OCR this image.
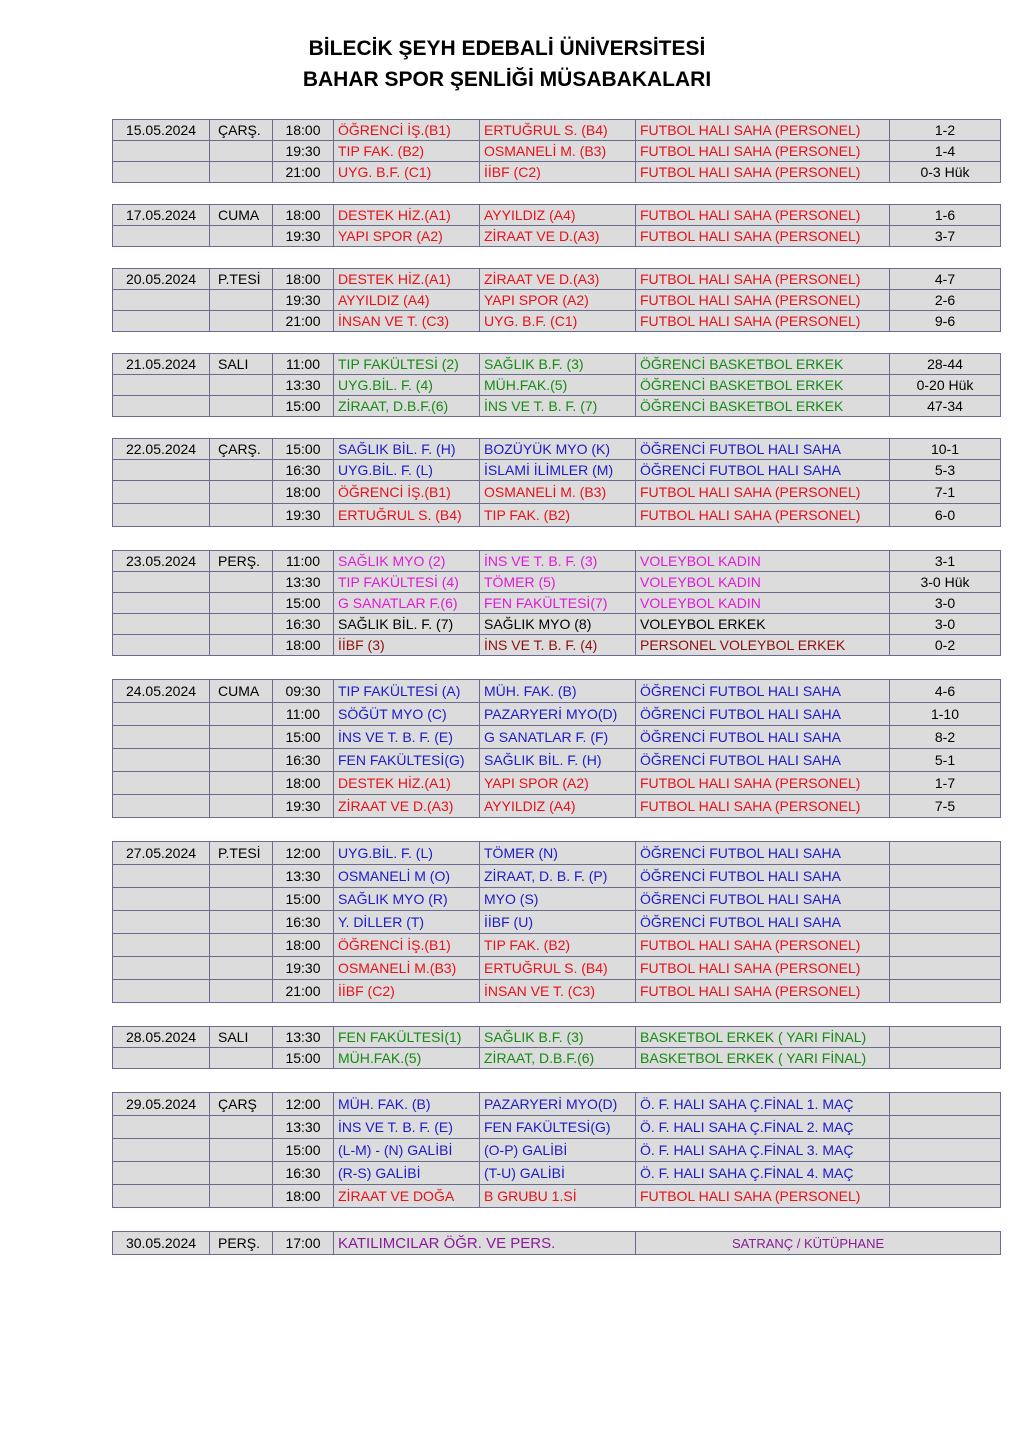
BİLECİK ŞEYH EDEBALİ ÜNİVERSİTESİ
BAHAR SPOR ŞENLİĞİ MÜSABAKALARI
15.05.2024	ÇARŞ.	18:00	ÖĞRENCİ İŞ.(B1)	ERTUĞRUL S. (B4)	FUTBOL HALI SAHA (PERSONEL)	1-2
		19:30	TIP FAK. (B2)	OSMANELİ M. (B3)	FUTBOL HALI SAHA (PERSONEL)	1-4
		21:00	UYG. B.F. (C1)	İİBF (C2)	FUTBOL HALI SAHA (PERSONEL)	0-3 Hük
17.05.2024	CUMA	18:00	DESTEK HİZ.(A1)	AYYILDIZ (A4)	FUTBOL HALI SAHA (PERSONEL)	1-6
		19:30	YAPI SPOR (A2)	ZİRAAT VE D.(A3)	FUTBOL HALI SAHA (PERSONEL)	3-7
20.05.2024	P.TESİ	18:00	DESTEK HİZ.(A1)	ZİRAAT VE D.(A3)	FUTBOL HALI SAHA (PERSONEL)	4-7
		19:30	AYYILDIZ (A4)	YAPI SPOR (A2)	FUTBOL HALI SAHA (PERSONEL)	2-6
		21:00	İNSAN VE T. (C3)	UYG. B.F. (C1)	FUTBOL HALI SAHA (PERSONEL)	9-6
21.05.2024	SALI	11:00	TIP FAKÜLTESİ (2)	SAĞLIK B.F. (3)	ÖĞRENCİ BASKETBOL ERKEK	28-44
		13:30	UYG.BİL. F. (4)	MÜH.FAK.(5)	ÖĞRENCİ BASKETBOL ERKEK	0-20 Hük
		15:00	ZİRAAT, D.B.F.(6)	İNS VE T. B. F. (7)	ÖĞRENCİ BASKETBOL ERKEK	47-34
22.05.2024	ÇARŞ.	15:00	SAĞLIK BİL. F. (H)	BOZÜYÜK MYO (K)	ÖĞRENCİ FUTBOL HALI SAHA	10-1
		16:30	UYG.BİL. F. (L)	İSLAMİ İLİMLER (M)	ÖĞRENCİ FUTBOL HALI SAHA	5-3
		18:00	ÖĞRENCİ İŞ.(B1)	OSMANELİ M. (B3)	FUTBOL HALI SAHA (PERSONEL)	7-1
		19:30	ERTUĞRUL S. (B4)	TIP FAK. (B2)	FUTBOL HALI SAHA (PERSONEL)	6-0
23.05.2024	PERŞ.	11:00	SAĞLIK MYO (2)	İNS VE T. B. F. (3)	VOLEYBOL KADIN	3-1
		13:30	TIP FAKÜLTESİ (4)	TÖMER (5)	VOLEYBOL KADIN	3-0 Hük
		15:00	G SANATLAR F.(6)	FEN FAKÜLTESİ(7)	VOLEYBOL KADIN	3-0
		16:30	SAĞLIK BİL. F. (7)	SAĞLIK MYO (8)	VOLEYBOL ERKEK	3-0
		18:00	İİBF (3)	İNS VE T. B. F. (4)	PERSONEL VOLEYBOL ERKEK	0-2
24.05.2024	CUMA	09:30	TIP FAKÜLTESİ (A)	MÜH. FAK. (B)	ÖĞRENCİ FUTBOL HALI SAHA	4-6
		11:00	SÖĞÜT MYO (C)	PAZARYERİ MYO(D)	ÖĞRENCİ FUTBOL HALI SAHA	1-10
		15:00	İNS VE T. B. F. (E)	G SANATLAR F. (F)	ÖĞRENCİ FUTBOL HALI SAHA	8-2
		16:30	FEN FAKÜLTESİ(G)	SAĞLIK BİL. F. (H)	ÖĞRENCİ FUTBOL HALI SAHA	5-1
		18:00	DESTEK HİZ.(A1)	YAPI SPOR (A2)	FUTBOL HALI SAHA (PERSONEL)	1-7
		19:30	ZİRAAT VE D.(A3)	AYYILDIZ (A4)	FUTBOL HALI SAHA (PERSONEL)	7-5
27.05.2024	P.TESİ	12:00	UYG.BİL. F. (L)	TÖMER (N)	ÖĞRENCİ FUTBOL HALI SAHA	
		13:30	OSMANELİ M (O)	ZİRAAT, D. B. F. (P)	ÖĞRENCİ FUTBOL HALI SAHA	
		15:00	SAĞLIK MYO (R)	MYO (S)	ÖĞRENCİ FUTBOL HALI SAHA	
		16:30	Y. DİLLER (T)	İİBF (U)	ÖĞRENCİ FUTBOL HALI SAHA	
		18:00	ÖĞRENCİ İŞ.(B1)	TIP FAK. (B2)	FUTBOL HALI SAHA (PERSONEL)	
		19:30	OSMANELİ M.(B3)	ERTUĞRUL S. (B4)	FUTBOL HALI SAHA (PERSONEL)	
		21:00	İİBF (C2)	İNSAN VE T. (C3)	FUTBOL HALI SAHA (PERSONEL)	
28.05.2024	SALI	13:30	FEN FAKÜLTESİ(1)	SAĞLIK B.F. (3)	BASKETBOL ERKEK ( YARI FİNAL)	
		15:00	MÜH.FAK.(5)	ZİRAAT, D.B.F.(6)	BASKETBOL ERKEK ( YARI FİNAL)	
29.05.2024	ÇARŞ	12:00	MÜH. FAK. (B)	PAZARYERİ MYO(D)	Ö. F. HALI SAHA Ç.FİNAL 1. MAÇ	
		13:30	İNS VE T. B. F. (E)	FEN FAKÜLTESİ(G)	Ö. F. HALI SAHA Ç.FİNAL 2. MAÇ	
		15:00	(L-M) - (N) GALİBİ	(O-P) GALİBİ	Ö. F. HALI SAHA Ç.FİNAL 3. MAÇ	
		16:30	(R-S) GALİBİ	(T-U) GALİBİ	Ö. F. HALI SAHA Ç.FİNAL 4. MAÇ	
		18:00	ZİRAAT VE DOĞA	B GRUBU 1.Sİ	FUTBOL HALI SAHA (PERSONEL)	
30.05.2024	PERŞ.	17:00	KATILIMCILAR ÖĞR. VE PERS.	SATRANÇ / KÜTÜPHANE
